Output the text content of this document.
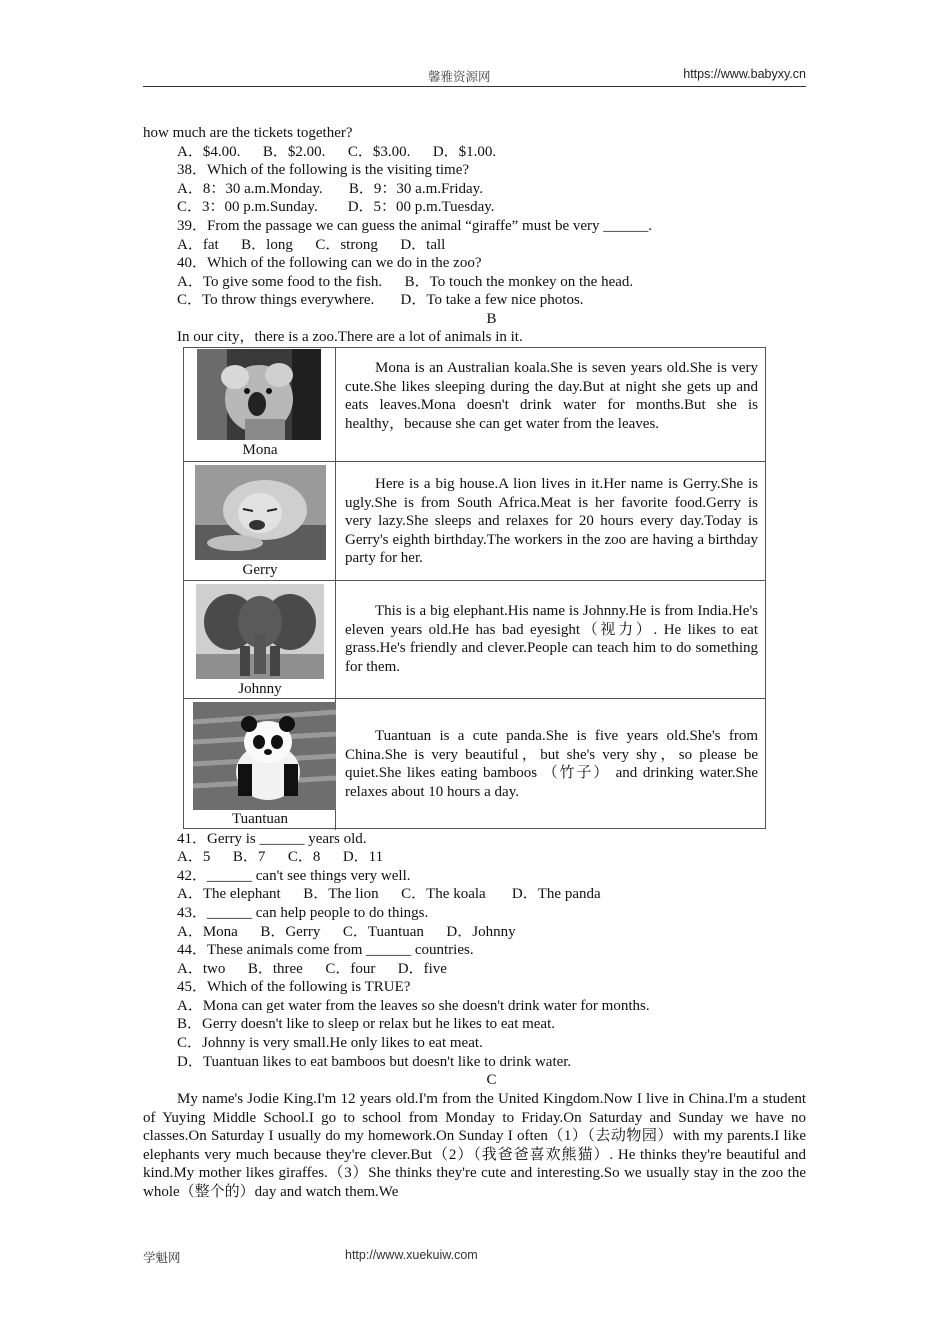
馨雅资源网	https://www.babyxy.cn
how much are the tickets together?
A．$4.00.      B．$2.00.      C．$3.00.      D．$1.00.
38．Which of the following is the visiting time?
A．8：30 a.m.Monday.       B．9：30 a.m.Friday.
C．3：00 p.m.Sunday.        D．5：00 p.m.Tuesday.
39．From the passage we can guess the animal “giraffe” must be very ______.
A．fat      B．long      C．strong      D．tall
40．Which of the following can we do in the zoo?
A．To give some food to the fish.      B．To touch the monkey on the head.
C．To throw things everywhere.       D．To take a few nice photos.
B
In our city，there is a zoo.There are a lot of animals in it.
Mona
Mona is an Australian koala.She is seven years old.She is very cute.She likes sleeping during the day.But at night she gets up and eats leaves.Mona doesn't drink water for months.But she is healthy，because she can get water from the leaves.
Gerry
Here is a big house.A lion lives in it.Her name is Gerry.She is ugly.She is from South Africa.Meat is her favorite food.Gerry is very lazy.She sleeps and relaxes for 20 hours every day.Today is Gerry's eighth birthday.The workers in the zoo are having a birthday party for her.
Johnny
This is a big elephant.His name is Johnny.He is from India.He's eleven years old.He has bad eyesight（视力）. He likes to eat grass.He's friendly and clever.People can teach him to do something for them.
Tuantuan
Tuantuan is a cute panda.She is five years old.She's from China.She is very beautiful，but she's very shy，so please be quiet.She likes eating bamboos （竹子） and drinking water.She relaxes about 10 hours a day.
41．Gerry is ______ years old.
A．5      B．7      C．8      D．11
42．______ can't see things very well.
A．The elephant      B．The lion      C．The koala       D．The panda
43．______ can help people to do things.
A．Mona      B．Gerry      C．Tuantuan      D．Johnny
44．These animals come from ______ countries.
A．two      B．three      C．four      D．five
45．Which of the following is TRUE?
A．Mona can get water from the leaves so she doesn't drink water for months.
B．Gerry doesn't like to sleep or relax but he likes to eat meat.
C．Johnny is very small.He only likes to eat meat.
D．Tuantuan likes to eat bamboos but doesn't like to drink water.
C
My name's Jodie King.I'm 12 years old.I'm from the United Kingdom.Now I live in China.I'm a student of Yuying Middle School.I go to school from Monday to Friday.On Saturday and Sunday we have no classes.On Saturday I usually do my homework.On Sunday I often（1）（去动物园）with my parents.I like elephants very much because they're clever.But（2）（我爸爸喜欢熊猫）. He thinks they're beautiful and kind.My mother likes giraffes.（3）She thinks they're cute and interesting.So we usually stay in the zoo the whole（整个的）day and watch them.We
学魁网	http://www.xuekuiw.com
